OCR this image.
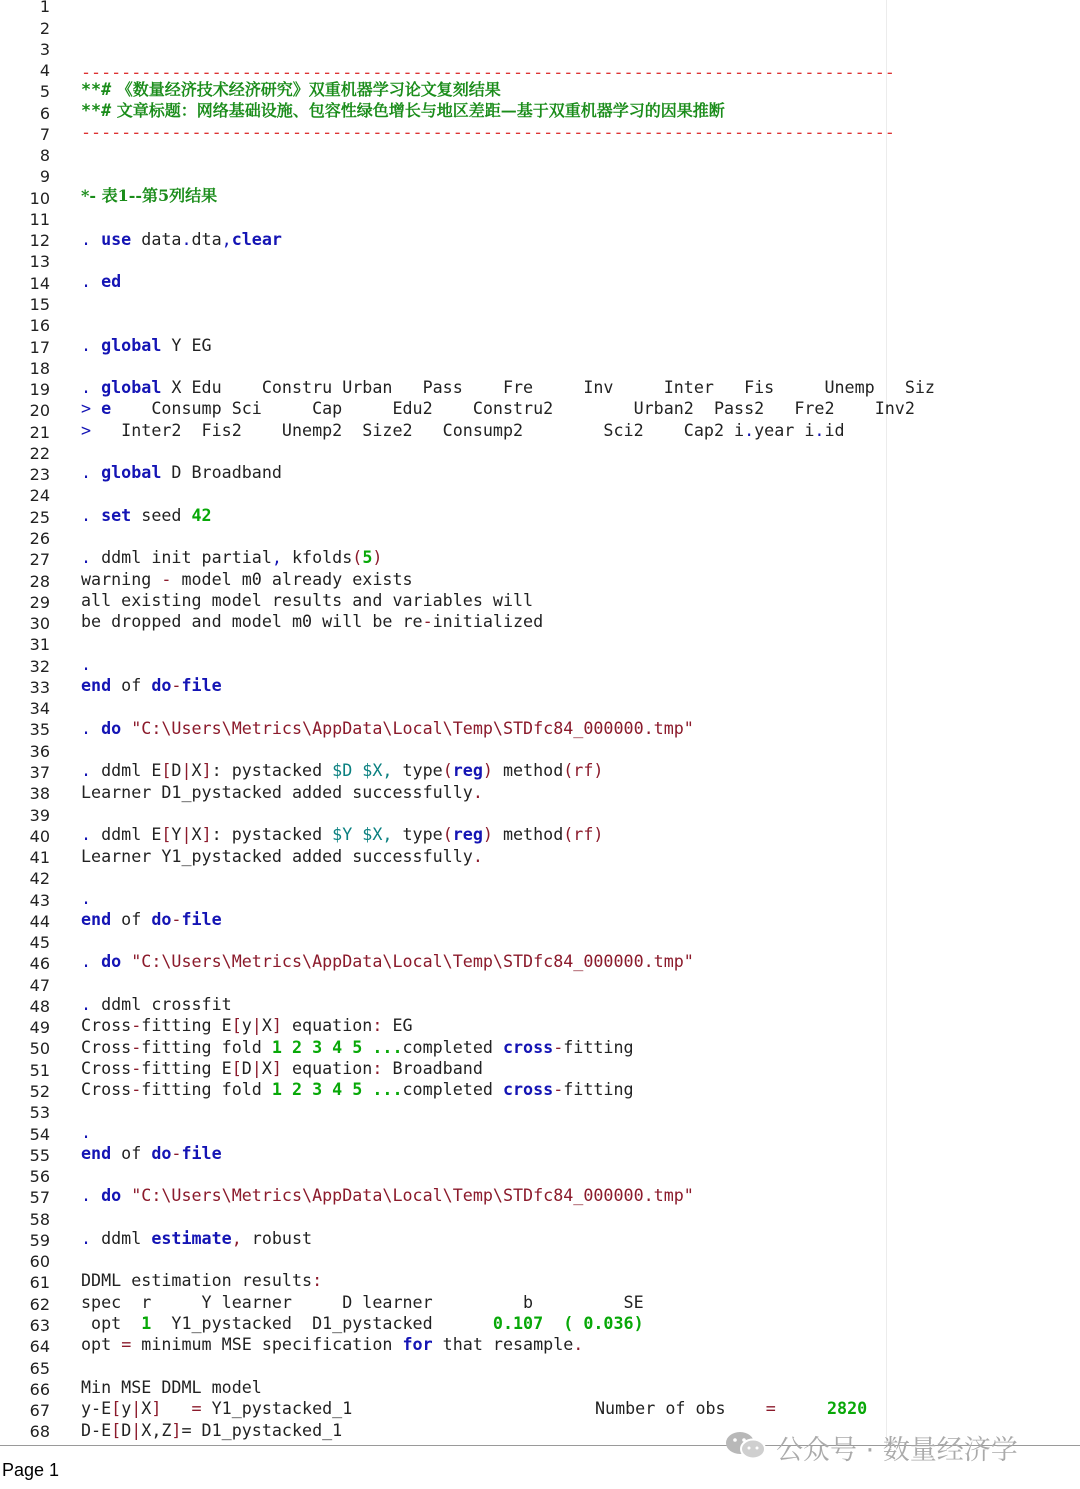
1
2
3
4
5
6
7
8
9
10
11
12
13
14
15
16
17
18
19
20
21
22
23
24
25
26
27
28
29
30
31
32
33
34
35
36
37
38
39
40
41
42
43
44
45
46
47
48
49
50
51
52
53
54
55
56
57
58
59
60
61
62
63
64
65
66
67
68
---------------------------------------------------------------------------------
**# 《数量经济技术经济研究》双重机器学习论文复刻结果
**# 文章标题：网络基础设施、包容性绿色增长与地区差距—基于双重机器学习的因果推断
---------------------------------------------------------------------------------
*- 表1--第5列结果
. use data.dta,clear
. ed
. global Y EG
. global X Edu    Constru Urban   Pass    Fre     Inv     Inter   Fis     Unemp   Siz
> e    Consump Sci     Cap     Edu2    Constru2        Urban2  Pass2   Fre2    Inv2
>   Inter2  Fis2    Unemp2  Size2   Consump2        Sci2    Cap2 i.year i.id
. global D Broadband
. set seed 42
. ddml init partial, kfolds(5)
warning - model m0 already exists
all existing model results and variables will
be dropped and model m0 will be re-initialized
.
end of do-file
. do "C:\Users\Metrics\AppData\Local\Temp\STDfc84_000000.tmp"
. ddml E[D|X]: pystacked $D $X, type(reg) method(rf)
Learner D1_pystacked added successfully.
. ddml E[Y|X]: pystacked $Y $X, type(reg) method(rf)
Learner Y1_pystacked added successfully.
.
end of do-file
. do "C:\Users\Metrics\AppData\Local\Temp\STDfc84_000000.tmp"
. ddml crossfit
Cross-fitting E[y|X] equation: EG
Cross-fitting fold 1 2 3 4 5 ...completed cross-fitting
Cross-fitting E[D|X] equation: Broadband
Cross-fitting fold 1 2 3 4 5 ...completed cross-fitting
.
end of do-file
. do "C:\Users\Metrics\AppData\Local\Temp\STDfc84_000000.tmp"
. ddml estimate, robust
DDML estimation results:
spec  r     Y learner     D learner         b         SE
opt  1  Y1_pystacked  D1_pystacked      0.107 ( 0.036)
opt = minimum MSE specification for that resample.
Min MSE DDML model
y-E[y|X] = Y1_pystacked_1	Number of obs =	2820
D-E[D|X,Z]= D1_pystacked_1
Page 1
公众号 · 数量经济学
